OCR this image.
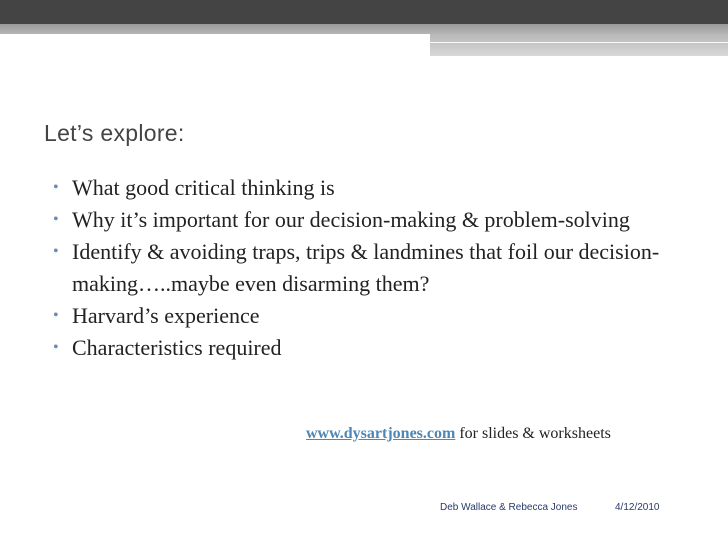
Let’s explore:
• What good critical thinking is
• Why it’s important for our decision-making & problem-solving
• Identify & avoiding traps, trips & landmines that foil our decision-making…..maybe even disarming them?
• Harvard’s experience
• Characteristics required
www.dysartjones.com for slides & worksheets
Deb Wallace & Rebecca Jones	4/12/2010
